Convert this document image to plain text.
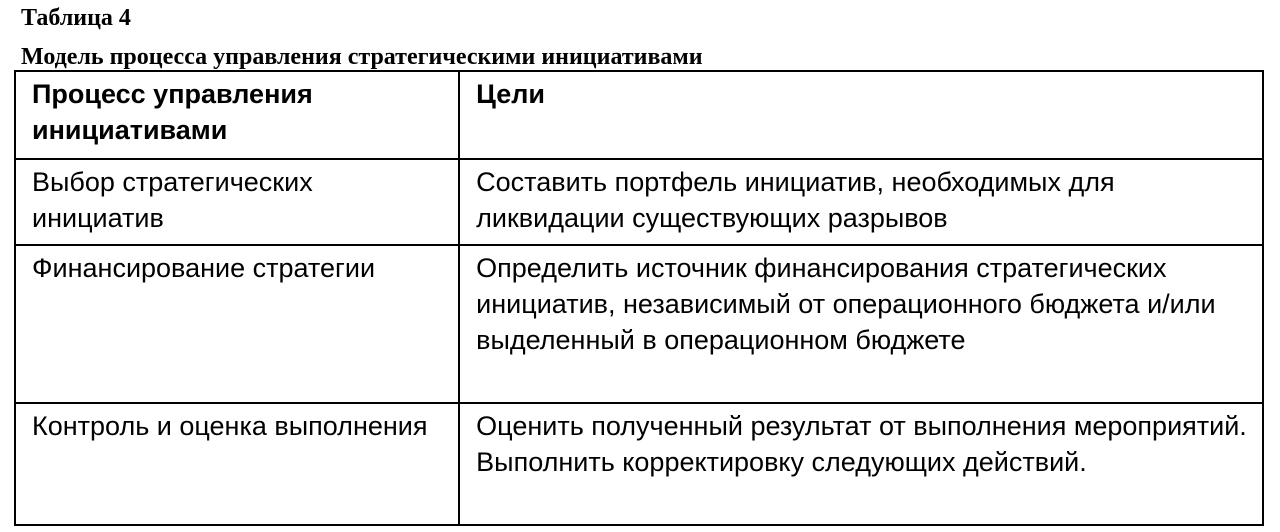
Таблица 4
Модель процесса управления стратегическими инициативами
Процесс управления инициативами	Цели
Выбор стратегических инициатив	Составить портфель инициатив, необходимых для ликвидации существующих разрывов
Финансирование стратегии	Определить источник финансирования стратегических инициатив, независимый от операционного бюджета и/или выделенный в операционном бюджете
Контроль и оценка выполнения	Оценить полученный результат от выполнения мероприятий. Выполнить корректировку следующих действий.
